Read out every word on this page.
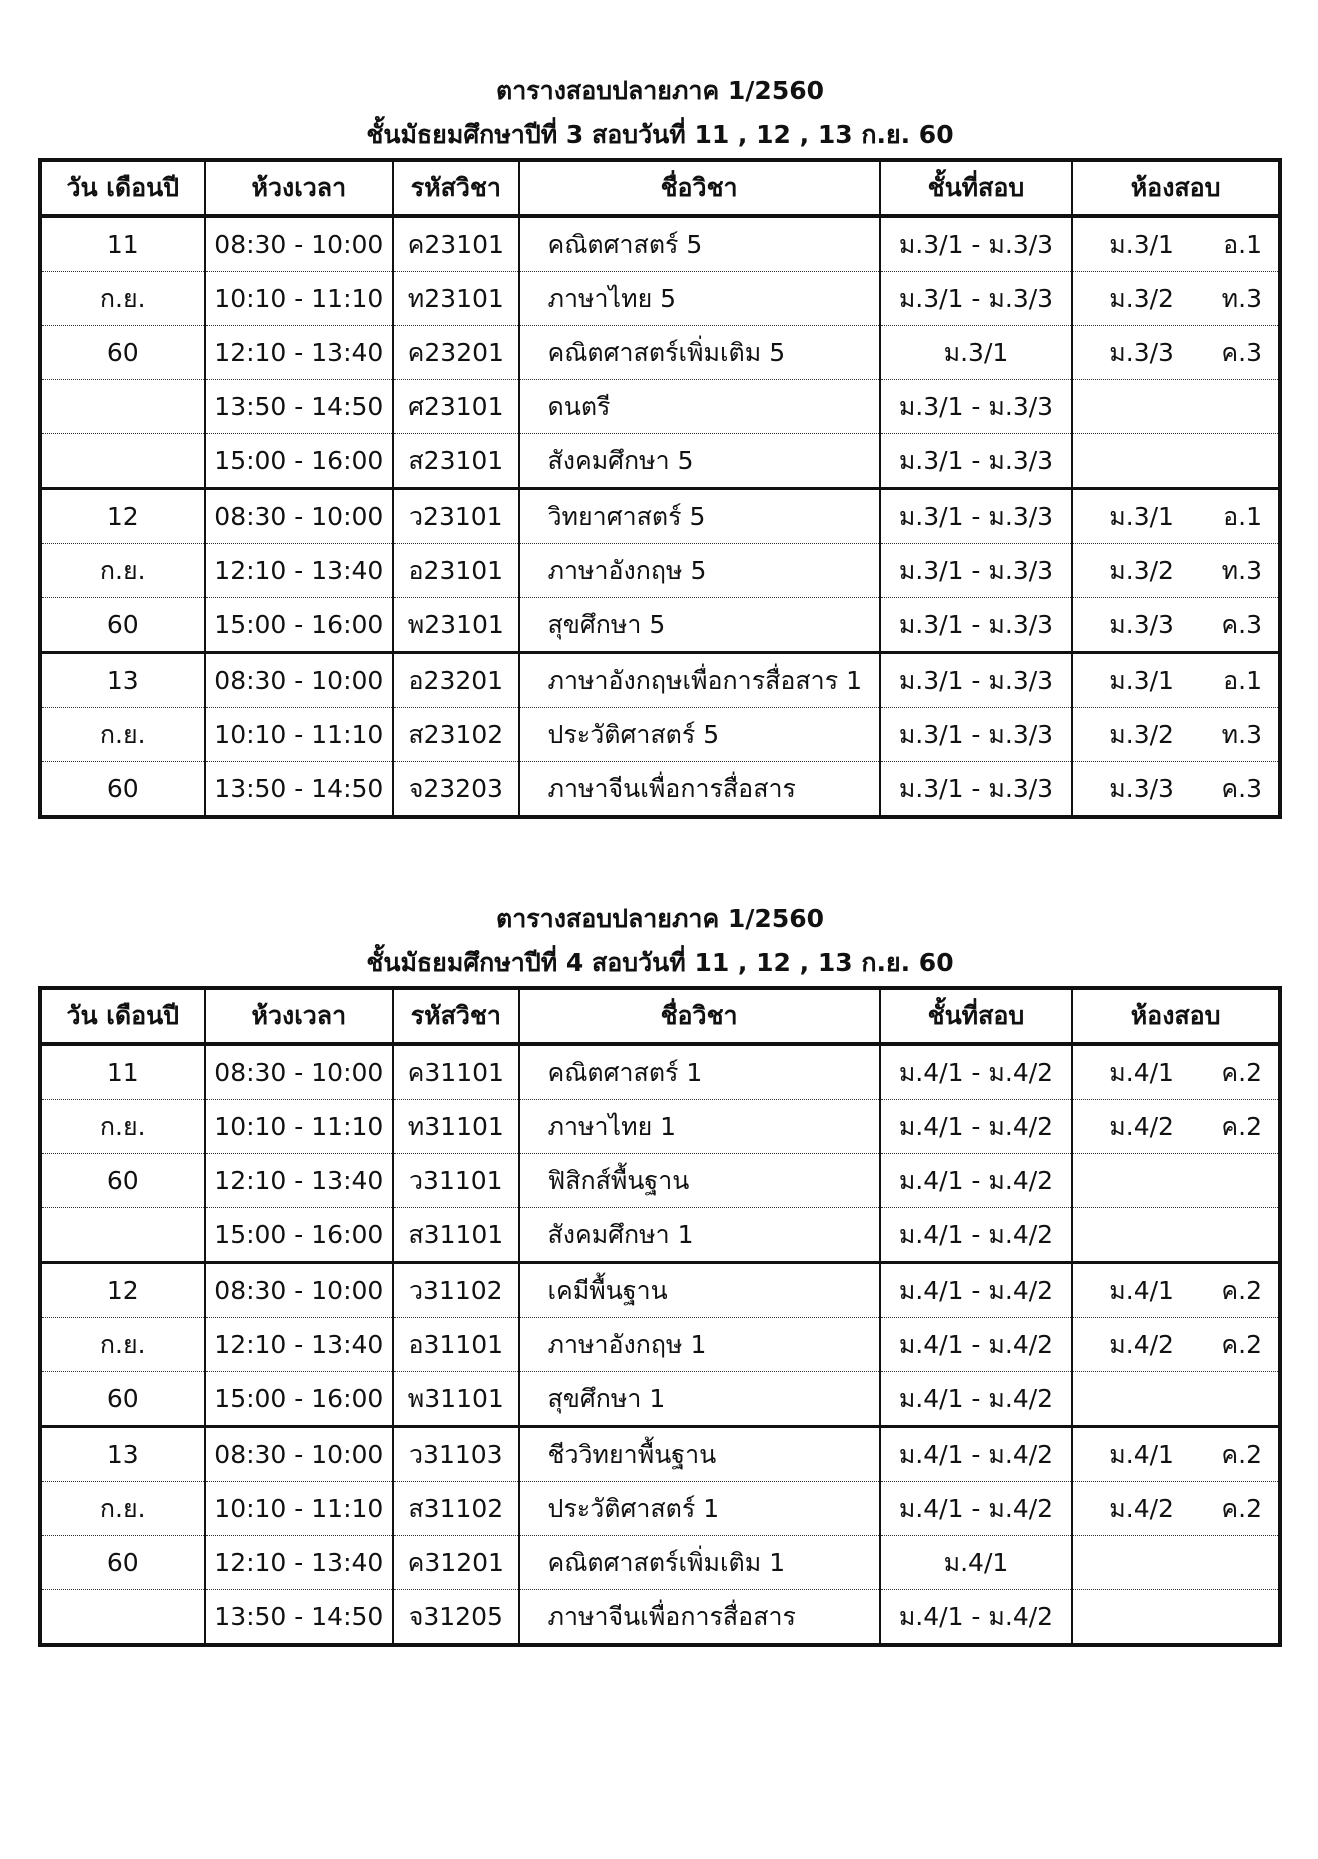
ตารางสอบปลายภาค 1/2560
ชั้นมัธยมศึกษาปีที่ 3 สอบวันที่ 11 , 12 , 13 ก.ย. 60
วัน เดือนปี	ห้วงเวลา	รหัสวิชา	ชื่อวิชา	ชั้นที่สอบ	ห้องสอบ
11	08:30 - 10:00	ค23101	คณิตศาสตร์ 5	ม.3/1 - ม.3/3	ม.3/1 อ.1

ก.ย.	10:10 - 11:10	ท23101	ภาษาไทย 5	ม.3/1 - ม.3/3	ม.3/2 ท.3

60	12:10 - 13:40	ค23201	คณิตศาสตร์เพิ่มเติม 5	ม.3/1	ม.3/3 ค.3

	13:50 - 14:50	ศ23101	ดนตรี	ม.3/1 - ม.3/3	

	15:00 - 16:00	ส23101	สังคมศึกษา 5	ม.3/1 - ม.3/3	

12	08:30 - 10:00	ว23101	วิทยาศาสตร์ 5	ม.3/1 - ม.3/3	ม.3/1 อ.1

ก.ย.	12:10 - 13:40	อ23101	ภาษาอังกฤษ 5	ม.3/1 - ม.3/3	ม.3/2 ท.3

60	15:00 - 16:00	พ23101	สุขศึกษา 5	ม.3/1 - ม.3/3	ม.3/3 ค.3

13	08:30 - 10:00	อ23201	ภาษาอังกฤษเพื่อการสื่อสาร 1	ม.3/1 - ม.3/3	ม.3/1 อ.1

ก.ย.	10:10 - 11:10	ส23102	ประวัติศาสตร์ 5	ม.3/1 - ม.3/3	ม.3/2 ท.3

60	13:50 - 14:50	จ23203	ภาษาจีนเพื่อการสื่อสาร	ม.3/1 - ม.3/3	ม.3/3 ค.3
ตารางสอบปลายภาค 1/2560
ชั้นมัธยมศึกษาปีที่ 4 สอบวันที่ 11 , 12 , 13 ก.ย. 60
วัน เดือนปี	ห้วงเวลา	รหัสวิชา	ชื่อวิชา	ชั้นที่สอบ	ห้องสอบ
11	08:30 - 10:00	ค31101	คณิตศาสตร์ 1	ม.4/1 - ม.4/2	ม.4/1 ค.2

ก.ย.	10:10 - 11:10	ท31101	ภาษาไทย 1	ม.4/1 - ม.4/2	ม.4/2 ค.2

60	12:10 - 13:40	ว31101	ฟิสิกส์พื้นฐาน	ม.4/1 - ม.4/2	

	15:00 - 16:00	ส31101	สังคมศึกษา 1	ม.4/1 - ม.4/2	

12	08:30 - 10:00	ว31102	เคมีพื้นฐาน	ม.4/1 - ม.4/2	ม.4/1 ค.2

ก.ย.	12:10 - 13:40	อ31101	ภาษาอังกฤษ 1	ม.4/1 - ม.4/2	ม.4/2 ค.2

60	15:00 - 16:00	พ31101	สุขศึกษา 1	ม.4/1 - ม.4/2	

13	08:30 - 10:00	ว31103	ชีววิทยาพื้นฐาน	ม.4/1 - ม.4/2	ม.4/1 ค.2

ก.ย.	10:10 - 11:10	ส31102	ประวัติศาสตร์ 1	ม.4/1 - ม.4/2	ม.4/2 ค.2

60	12:10 - 13:40	ค31201	คณิตศาสตร์เพิ่มเติม 1	ม.4/1	

	13:50 - 14:50	จ31205	ภาษาจีนเพื่อการสื่อสาร	ม.4/1 - ม.4/2	
